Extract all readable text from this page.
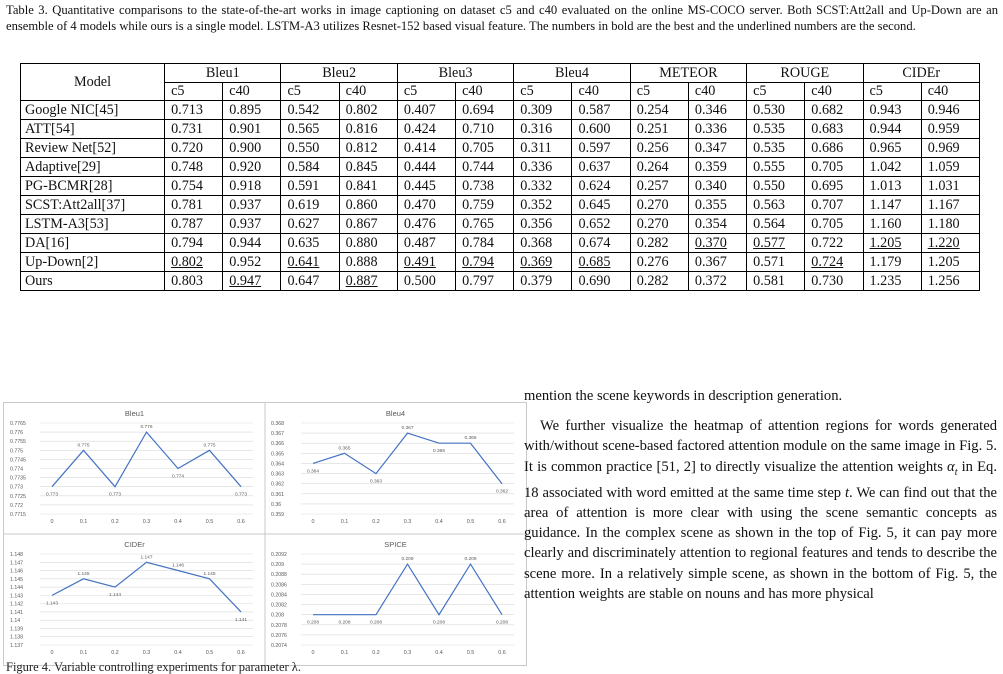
Table 3. Quantitative comparisons to the state-of-the-art works in image captioning on dataset c5 and c40 evaluated on the online MS-COCO server. Both SCST:Att2all and Up-Down are an ensemble of 4 models while ours is a single model. LSTM-A3 utilizes Resnet-152 based visual feature. The numbers in bold are the best and the underlined numbers are the second.
Model	Bleu1		Bleu2		Bleu3		Bleu4		METEOR		ROUGE		CIDEr	
	c5	c40	c5	c40	c5	c40	c5	c40	c5	c40	c5	c40	c5	c40
Google NIC[45]	0.713	0.895	0.542	0.802	0.407	0.694	0.309	0.587	0.254	0.346	0.530	0.682	0.943	0.946
ATT[54]	0.731	0.901	0.565	0.816	0.424	0.710	0.316	0.600	0.251	0.336	0.535	0.683	0.944	0.959
Review Net[52]	0.720	0.900	0.550	0.812	0.414	0.705	0.311	0.597	0.256	0.347	0.535	0.686	0.965	0.969
Adaptive[29]	0.748	0.920	0.584	0.845	0.444	0.744	0.336	0.637	0.264	0.359	0.555	0.705	1.042	1.059
PG-BCMR[28]	0.754	0.918	0.591	0.841	0.445	0.738	0.332	0.624	0.257	0.340	0.550	0.695	1.013	1.031
SCST:Att2all[37]	0.781	0.937	0.619	0.860	0.470	0.759	0.352	0.645	0.270	0.355	0.563	0.707	1.147	1.167
LSTM-A3[53]	0.787	0.937	0.627	0.867	0.476	0.765	0.356	0.652	0.270	0.354	0.564	0.705	1.160	1.180
DA[16]	0.794	0.944	0.635	0.880	0.487	0.784	0.368	0.674	0.282	0.370	0.577	0.722	1.205	1.220
Up-Down[2]	0.802	0.952	0.641	0.888	0.491	0.794	0.369	0.685	0.276	0.367	0.571	0.724	1.179	1.205
Ours	0.803	0.947	0.647	0.887	0.500	0.797	0.379	0.690	0.282	0.372	0.581	0.730	1.235	1.256
Bleu1
0.7765
0.776
0.7755
0.775
0.7745
0.774
0.7735
0.773
0.7725
0.772
0.7715
0	0.1	0.2	0.3	0.4	0.5	0.6
0.773
0.775
0.773
0.776
0.774
0.775
0.773
Bleu4
0.368
0.367
0.366
0.365
0.364
0.363
0.362
0.361
0.36
0.359
0	0.1	0.2	0.3	0.4	0.5	0.6
0.364
0.365
0.363
0.367
0.366
0.366
0.362
CIDEr
1.148
1.147
1.146
1.145
1.144
1.143
1.142
1.141
1.14
1.139
1.138
1.137
0	0.1	0.2	0.3	0.4	0.5	0.6
1.143
1.145
1.144
1.147
1.146
1.145
1.141
SPICE
0.2092
0.209
0.2088
0.2086
0.2084
0.2082
0.208
0.2078
0.2076
0.2074
0	0.1	0.2	0.3	0.4	0.5	0.6
0.208	0.208	0.208
0.209
0.208
0.209
0.208

mention the scene keywords in description generation.

We further visualize the heatmap of attention regions for words generated with/without scene-based factored attention module on the same image in Fig. 5. It is common practice [51, 2] to directly visualize the attention weights $\alpha_t$ in Eq. 18 associated with word emitted at the same time step t. We can find out that the area of attention is more clear with using the scene semantic concepts as guidance. In the complex scene as shown in the top of Fig. 5, it can pay more clearly and discriminately attention to regional features and tends to describe the scene more. In a relatively simple scene, as shown in the bottom of Fig. 5, the attention weights are stable on nouns and has more physical

Figure 4. Variable controlling experiments for parameter λ.
